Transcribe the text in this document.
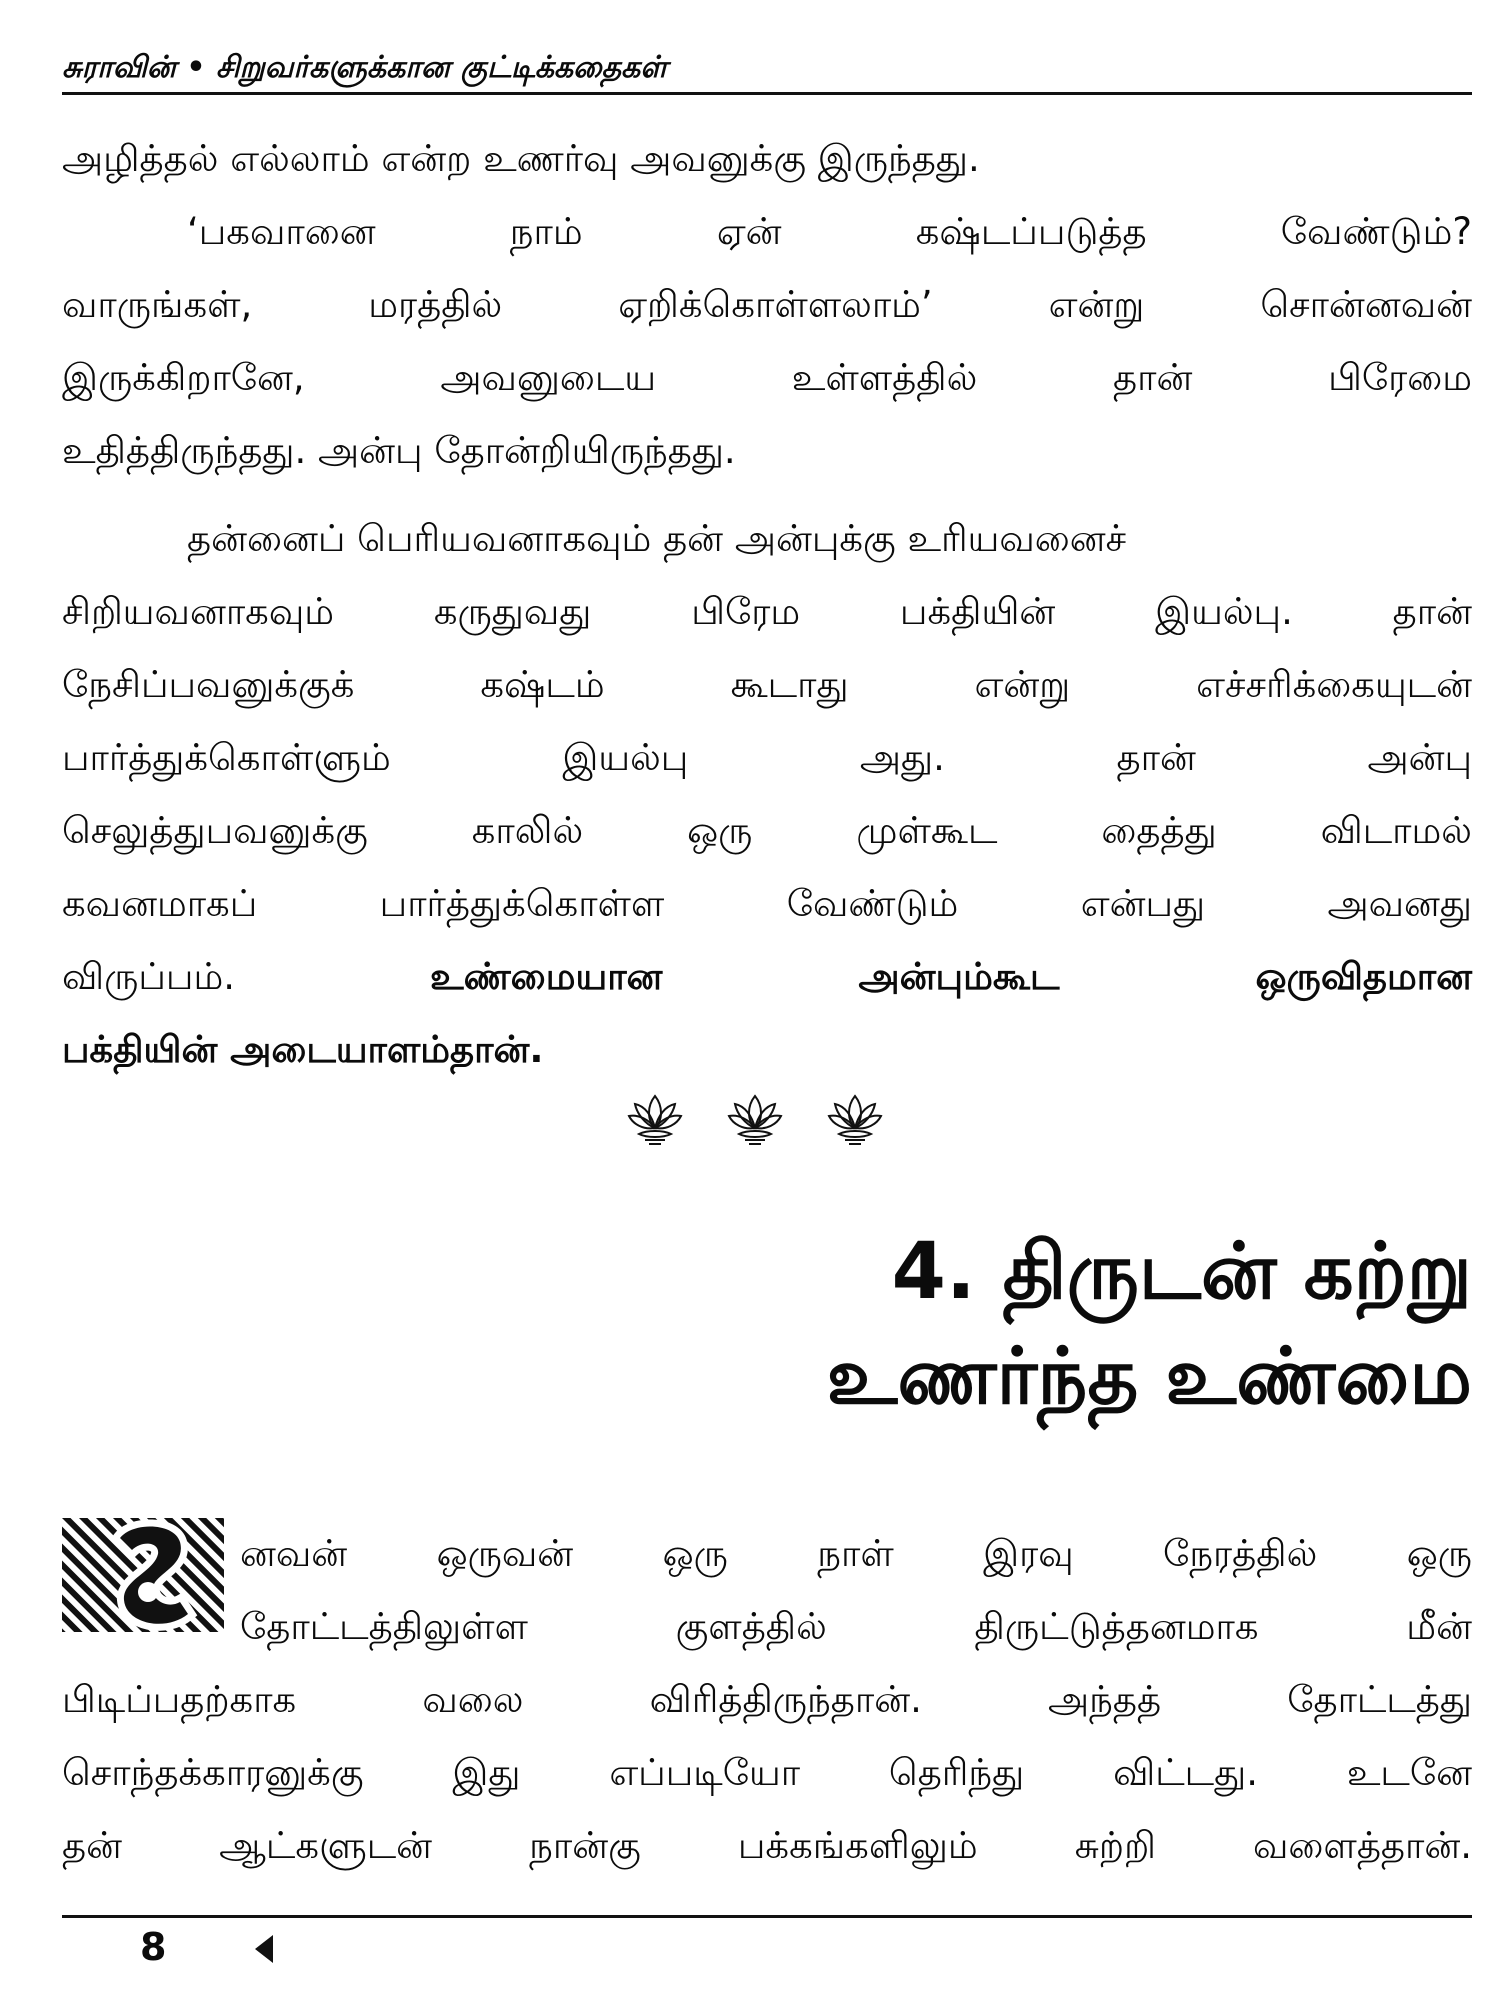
சுராவின் • சிறுவர்களுக்கான குட்டிக்கதைகள்

அழித்தல் எல்லாம் என்ற உணர்வு அவனுக்கு இருந்தது.

‘பகவானை நாம் ஏன் கஷ்டப்படுத்த வேண்டும்?
வாருங்கள், மரத்தில் ஏறிக்கொள்ளலாம்’ என்று சொன்னவன்
இருக்கிறானே, அவனுடைய உள்ளத்தில் தான் பிரேமை
உதித்திருந்தது. அன்பு தோன்றியிருந்தது.

தன்னைப் பெரியவனாகவும் தன் அன்புக்கு உரியவனைச்
சிறியவனாகவும் கருதுவது பிரேம பக்தியின் இயல்பு. தான்
நேசிப்பவனுக்குக் கஷ்டம் கூடாது என்று எச்சரிக்கையுடன்
பார்த்துக்கொள்ளும் இயல்பு அது. தான் அன்பு
செலுத்துபவனுக்கு காலில் ஒரு முள்கூட தைத்து விடாமல்
கவனமாகப் பார்த்துக்கொள்ள வேண்டும் என்பது அவனது
விருப்பம்.	உண்மையான அன்பும்கூட ஒருவிதமான
பக்தியின் அடையாளம்தான்.

4. திருடன் கற்று
உணர்ந்த உண்மை

னவன் ஒருவன் ஒரு நாள் இரவு நேரத்தில் ஒரு
தோட்டத்திலுள்ள குளத்தில் திருட்டுத்தனமாக மீன்

பிடிப்பதற்காக வலை விரித்திருந்தான். அந்தத் தோட்டத்து
சொந்தக்காரனுக்கு இது எப்படியோ தெரிந்து விட்டது. உடனே
தன் ஆட்களுடன் நான்கு பக்கங்களிலும் சுற்றி வளைத்தான்.

8
